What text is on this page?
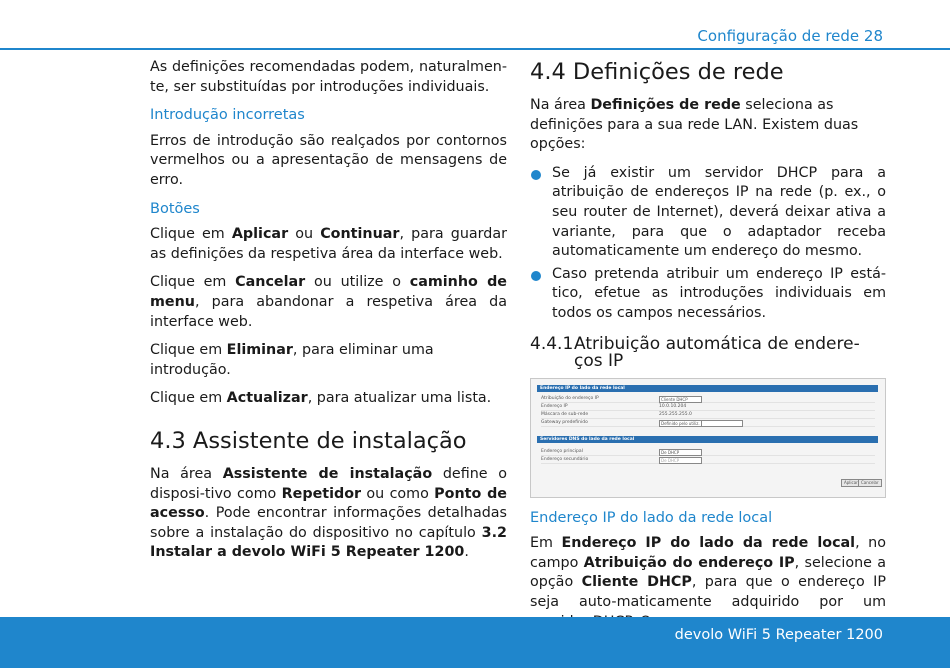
Configuração de rede 28

As definições recomendadas podem, naturalmen-te, ser substituídas por introduções individuais.

Introdução incorretas

Erros de introdução são realçados por contornos vermelhos ou a apresentação de mensagens de erro.

Botões

Clique em Aplicar ou Continuar, para guardar as definições da respetiva área da interface web.

Clique em Cancelar ou utilize o caminho de menu, para abandonar a respetiva área da interface web.

Clique em Eliminar, para eliminar uma introdução.

Clique em Actualizar, para atualizar uma lista.

4.3 Assistente de instalação

Na área Assistente de instalação define o disposi-tivo como Repetidor ou como Ponto de acesso. Pode encontrar informações detalhadas sobre a instalação do dispositivo no capítulo 3.2 Instalar a devolo WiFi 5 Repeater 1200.

4.4 Definições de rede

Na área Definições de rede seleciona as definições para a sua rede LAN. Existem duas opções:

Se já existir um servidor DHCP para a atribuição de endereços IP na rede (p. ex., o seu router de Internet), deverá deixar ativa a variante, para que o adaptador receba automaticamente um endereço do mesmo.
Caso pretenda atribuir um endereço IP está-tico, efetue as introduções individuais em todos os campos necessários.
4.4.1 Atribuição automática de endere-ços IP
Endereço IP do lado da rede local
Atribuição do endereço IP	Cliente DHCP
Endereço IP	10.0.10.204
Máscara de sub-rede	255.255.255.0
Gateway predefinido	Definido pelo utiliz.
Servidores DNS do lado da rede local
Endereço principal	De DHCP
Endereço secundário	De DHCP
Aplicar Cancelar

Endereço IP do lado da rede local

Em Endereço IP do lado da rede local, no campo Atribuição do endereço IP, selecione a opção Cliente DHCP, para que o endereço IP seja auto-maticamente adquirido por um

devolo WiFi 5 Repeater 1200
